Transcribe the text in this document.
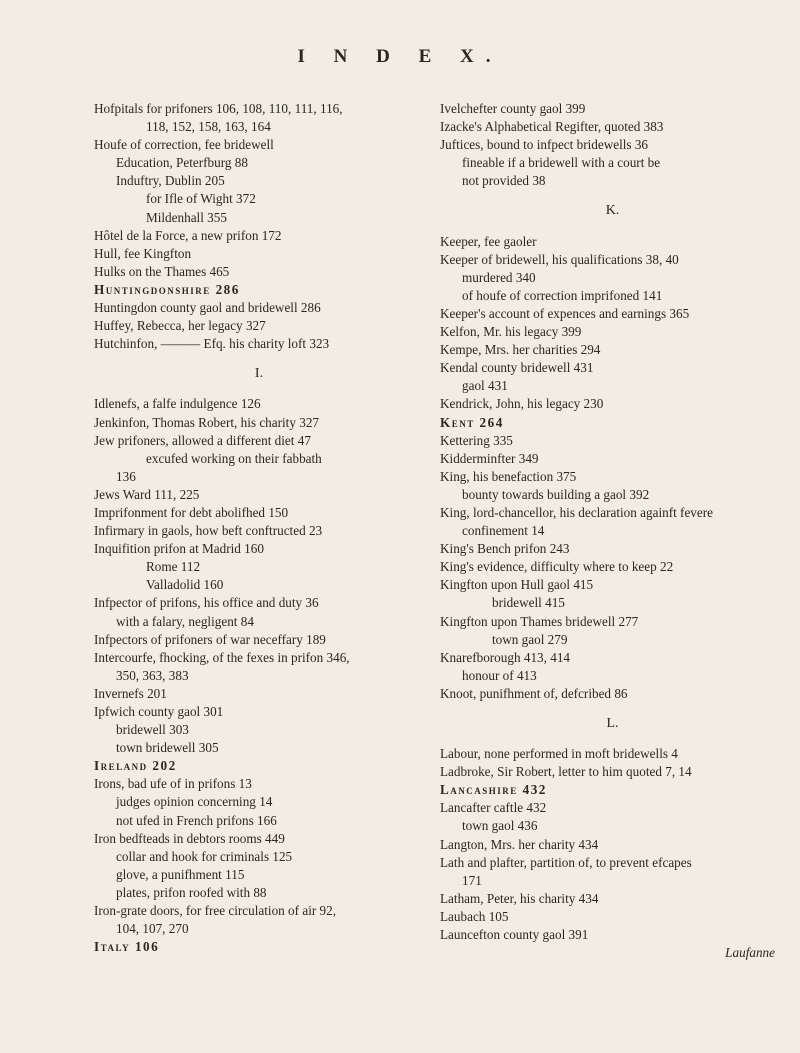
I N D E X.
Hofpitals for prifoners 106, 108, 110, 111, 116,
118, 152, 158, 163, 164
Houfe of correction, fee bridewell
Education, Peterfburg 88
Induftry, Dublin 205
for Ifle of Wight 372
Mildenhall 355
Hôtel de la Force, a new prifon 172
Hull, fee Kingfton
Hulks on the Thames 465
Huntingdonshire 286
Huntingdon county gaol and bridewell 286
Huffey, Rebecca, her legacy 327
Hutchinfon, ——— Efq. his charity loft 323
I.
Idlenefs, a falfe indulgence 126
Jenkinfon, Thomas Robert, his charity 327
Jew prifoners, allowed a different diet 47
excufed working on their fabbath
136
Jews Ward 111, 225
Imprifonment for debt abolifhed 150
Infirmary in gaols, how beft conftructed 23
Inquifition prifon at Madrid 160
Rome 112
Valladolid 160
Infpector of prifons, his office and duty 36
with a falary, negligent 84
Infpectors of prifoners of war neceffary 189
Intercourfe, fhocking, of the fexes in prifon 346,
350, 363, 383
Invernefs 201
Ipfwich county gaol 301
bridewell 303
town bridewell 305
Ireland 202
Irons, bad ufe of in prifons 13
judges opinion concerning 14
not ufed in French prifons 166
Iron bedfteads in debtors rooms 449
collar and hook for criminals 125
glove, a punifhment 115
plates, prifon roofed with 88
Iron-grate doors, for free circulation of air 92,
104, 107, 270
Italy 106
Ivelchefter county gaol 399
Izacke's Alphabetical Regifter, quoted 383
Juftices, bound to infpect bridewells 36
fineable if a bridewell with a court be
not provided 38
K.
Keeper, fee gaoler
Keeper of bridewell, his qualifications 38, 40
murdered 340
of houfe of correction imprifoned 141
Keeper's account of expences and earnings 365
Kelfon, Mr. his legacy 399
Kempe, Mrs. her charities 294
Kendal county bridewell 431
gaol 431
Kendrick, John, his legacy 230
Kent 264
Kettering 335
Kidderminfter 349
King, his benefaction 375
bounty towards building a gaol 392
King, lord-chancellor, his declaration againft fevere
confinement 14
King's Bench prifon 243
King's evidence, difficulty where to keep 22
Kingfton upon Hull gaol 415
bridewell 415
Kingfton upon Thames bridewell 277
town gaol 279
Knarefborough 413, 414
honour of 413
Knoot, punifhment of, defcribed 86
L.
Labour, none performed in moft bridewells 4
Ladbroke, Sir Robert, letter to him quoted 7, 14
Lancashire 432
Lancafter caftle 432
town gaol 436
Langton, Mrs. her charity 434
Lath and plafter, partition of, to prevent efcapes
171
Latham, Peter, his charity 434
Laubach 105
Launcefton county gaol 391
Laufanne
